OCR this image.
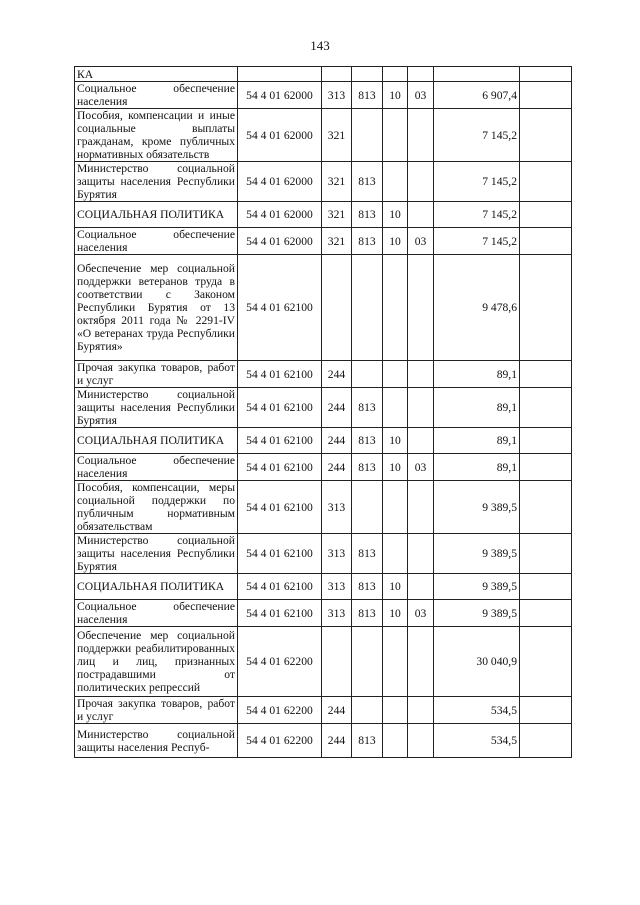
143
КА							
Социальное обеспечение населения	54 4 01 62000	313	813	10	03	6 907,4	
Пособия, компенсации и иные социальные выплаты гражданам, кроме публичных нормативных обязательств	54 4 01 62000	321				7 145,2	
Министерство социальной защиты населения Республики Бурятия	54 4 01 62000	321	813			7 145,2	
СОЦИАЛЬНАЯ ПОЛИТИКА	54 4 01 62000	321	813	10		7 145,2	
Социальное обеспечение населения	54 4 01 62000	321	813	10	03	7 145,2	
Обеспечение мер социальной поддержки ветеранов труда в соответствии с Законом Республики Бурятия от 13 октября 2011 года № 2291-IV «О ветеранах труда Республики Бурятия»	54 4 01 62100					9 478,6	
Прочая закупка товаров, работ и услуг	54 4 01 62100	244				89,1	
Министерство социальной защиты населения Республики Бурятия	54 4 01 62100	244	813			89,1	
СОЦИАЛЬНАЯ ПОЛИТИКА	54 4 01 62100	244	813	10		89,1	
Социальное обеспечение населения	54 4 01 62100	244	813	10	03	89,1	
Пособия, компенсации, меры социальной поддержки по публичным нормативным обязательствам	54 4 01 62100	313				9 389,5	
Министерство социальной защиты населения Республики Бурятия	54 4 01 62100	313	813			9 389,5	
СОЦИАЛЬНАЯ ПОЛИТИКА	54 4 01 62100	313	813	10		9 389,5	
Социальное обеспечение населения	54 4 01 62100	313	813	10	03	9 389,5	
Обеспечение мер социальной поддержки реабилитированных лиц и лиц, признанных пострадавшими от политических репрессий	54 4 01 62200					30 040,9	
Прочая закупка товаров, работ и услуг	54 4 01 62200	244				534,5	
Министерство социальной защиты населения Респуб-	54 4 01 62200	244	813			534,5	
